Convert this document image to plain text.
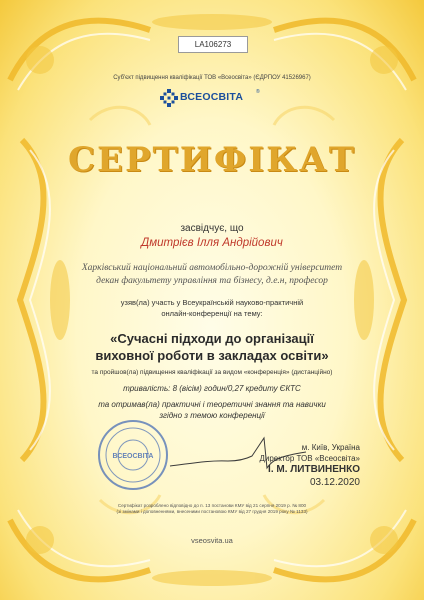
LA106273
Суб'єкт підвищення кваліфікації ТОВ «Всеосвіта» (ЄДРПОУ 41526967)
ВСЕОСВІТА	®
СЕРТИФІКАТ
засвідчує, що
Дмитрієв Ілля Андрійович
Харківський національний автомобільно-дорожній університет
декан факультету управління та бізнесу, д.е.н, професор
узяв(ла) участь у Всеукраїнській науково-практичній
онлайн-конференції на тему:
«Сучасні підходи до організації
виховної роботи в закладах освіти»
та пройшов(ла) підвищення кваліфікації за видом «конференція» (дистанційно)
тривалість: 8 (вісім) годин/0,27 кредиту ЄКТС
та отримав(ла) практичні і теоретичні знання та навички
згідно з темою конференції
ВСЕОСВІТА
м. Київ, Україна
Директор ТОВ «Всеосвіта»
І. М. ЛИТВИНЕНКО
03.12.2020
Сертифікат розроблено відповідно до п. 13 постанови КМУ від 21 серпня 2019 р. № 800
(зі змінами і доповненнями, внесеними постановою КМУ від 27 грудня 2019 року № 1133)
vseosvita.ua
